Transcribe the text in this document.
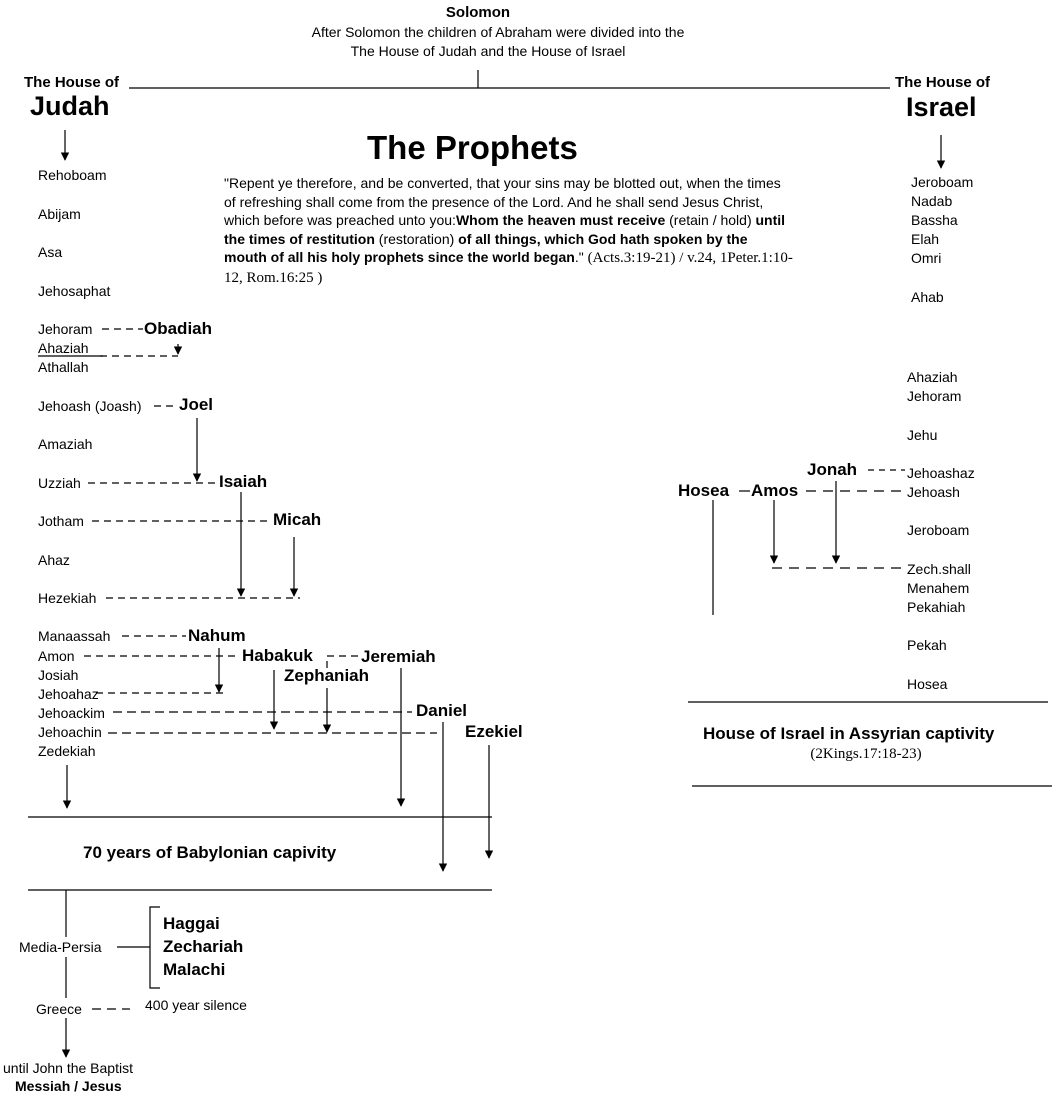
Solomon
After Solomon the children of Abraham were divided into the
The House of Judah and the House of Israel
The House of
Judah
The House of
Israel
The Prophets
"Repent ye therefore, and be converted, that your sins may be blotted out, when the times of refreshing shall come from the presence of the Lord. And he shall send Jesus Christ, which before was preached unto you:Whom the heaven must receive (retain / hold) until the times of restitution (restoration) of all things, which God hath spoken by the mouth of all his holy prophets since the world began." (Acts.3:19-21) / v.24, 1Peter.1:10-12, Rom.16:25 )
Rehoboam
Abijam
Asa
Jehosaphat
Jehoram
Ahaziah
Athallah
Jehoash (Joash)
Amaziah
Uzziah
Jotham
Ahaz
Hezekiah
Manaassah
Amon
Josiah
Jehoahaz
Jehoackim
Jehoachin
Zedekiah
Jeroboam
Nadab
Bassha
Elah
Omri
Ahab
Ahaziah
Jehoram
Jehu
Jehoashaz
Jehoash
Jeroboam
Zech.shall
Menahem
Pekahiah
Pekah
Hosea
Obadiah
Joel
Isaiah
Micah
Nahum
Habakuk	Jeremiah
Zephaniah
Daniel
Ezekiel
Jonah
Hosea Amos
70 years of Babylonian capivity
House of Israel in Assyrian captivity
(2Kings.17:18-23)
Media-Persia
Greece	400 year silence
Haggai
Zechariah
Malachi
until John the Baptist
Messiah / Jesus
